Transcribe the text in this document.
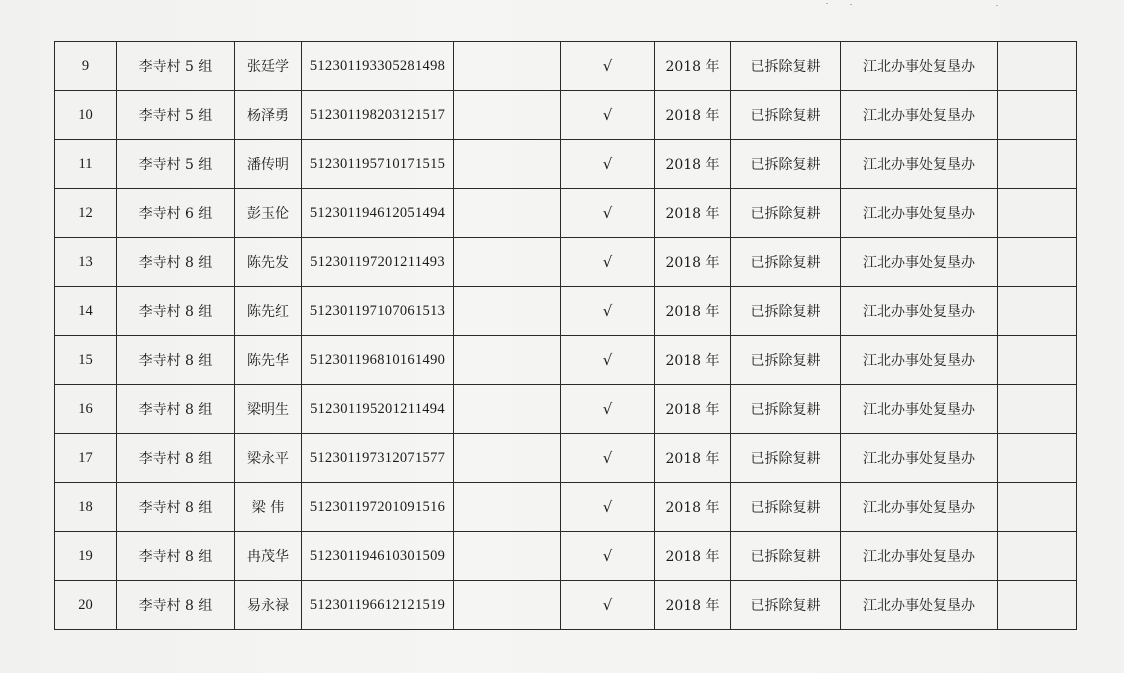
9	李寺村 5 组	张廷学	512301193305281498		√	2018 年	已拆除复耕	江北办事处复垦办	
10	李寺村 5 组	杨泽勇	512301198203121517		√	2018 年	已拆除复耕	江北办事处复垦办	
11	李寺村 5 组	潘传明	512301195710171515		√	2018 年	已拆除复耕	江北办事处复垦办	
12	李寺村 6 组	彭玉伦	512301194612051494		√	2018 年	已拆除复耕	江北办事处复垦办	
13	李寺村 8 组	陈先发	512301197201211493		√	2018 年	已拆除复耕	江北办事处复垦办	
14	李寺村 8 组	陈先红	512301197107061513		√	2018 年	已拆除复耕	江北办事处复垦办	
15	李寺村 8 组	陈先华	512301196810161490		√	2018 年	已拆除复耕	江北办事处复垦办	
16	李寺村 8 组	梁明生	512301195201211494		√	2018 年	已拆除复耕	江北办事处复垦办	
17	李寺村 8 组	梁永平	512301197312071577		√	2018 年	已拆除复耕	江北办事处复垦办	
18	李寺村 8 组	梁 伟	512301197201091516		√	2018 年	已拆除复耕	江北办事处复垦办	
19	李寺村 8 组	冉茂华	512301194610301509		√	2018 年	已拆除复耕	江北办事处复垦办	
20	李寺村 8 组	易永禄	512301196612121519		√	2018 年	已拆除复耕	江北办事处复垦办	
